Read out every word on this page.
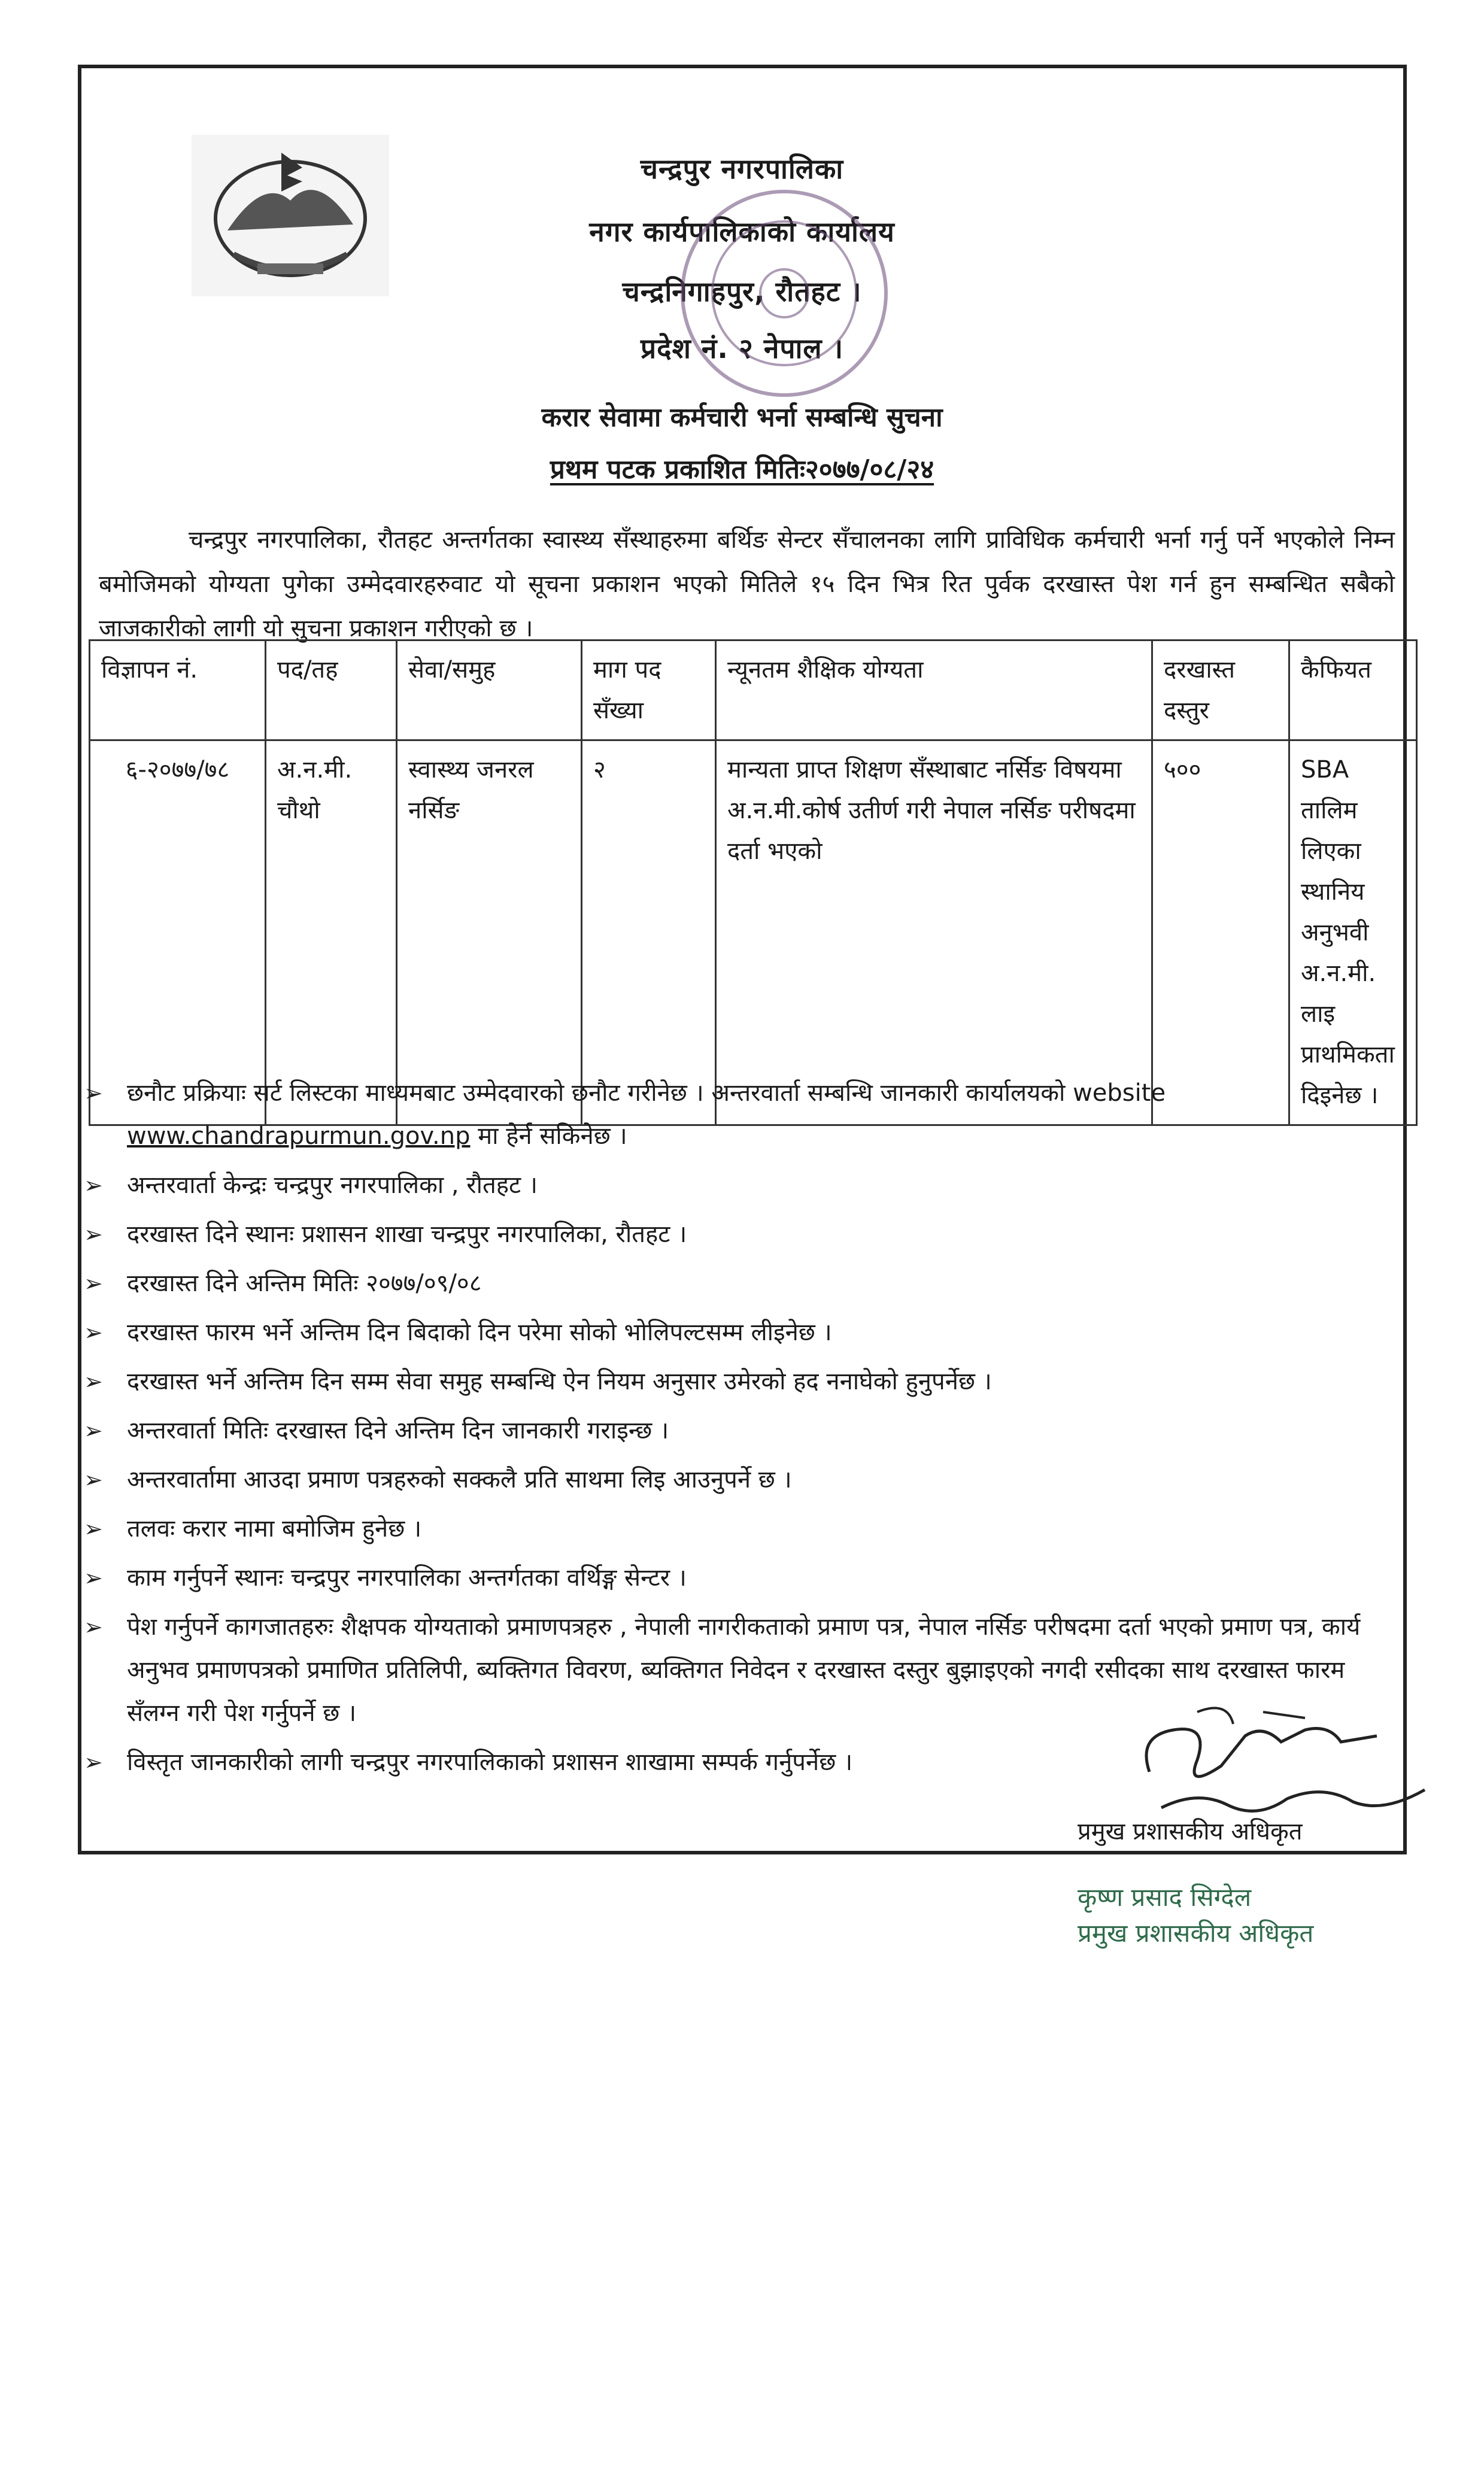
चन्द्रपुर नगरपालिका
नगर कार्यपालिकाको कार्यालय
चन्द्रनिगाहपुर, रौतहट ।
प्रदेश नं. २ नेपाल ।
करार सेवामा कर्मचारी भर्ना सम्बन्धि सुचना
प्रथम पटक प्रकाशित मितिः२०७७/०८/२४

चन्द्रपुर नगरपालिका, रौतहट अन्तर्गतका स्वास्थ्य सँस्थाहरुमा बर्थिङ सेन्टर सँचालनका लागि प्राविधिक कर्मचारी भर्ना गर्नु पर्ने भएकोले निम्न बमोजिमको योग्यता पुगेका उम्मेदवारहरुवाट यो सूचना प्रकाशन भएको मितिले १५ दिन भित्र रित पुर्वक दरखास्त पेश गर्न हुन सम्बन्धित सबैको जाजकारीको लागी यो सुचना प्रकाशन गरीएको छ ।

विज्ञापन नं.	पद/तह	सेवा/समुह	माग पद सँख्या	न्यूनतम शैक्षिक योग्यता	दरखास्त दस्तुर	कैफियत
६-२०७७/७८	अ.न.मी. चौथो	स्वास्थ्य जनरल नर्सिङ	२	मान्यता प्राप्त शिक्षण सँस्थाबाट नर्सिङ विषयमा अ.न.मी.कोर्ष उतीर्ण गरी नेपाल नर्सिङ परीषदमा दर्ता भएको	५००	SBA तालिम लिएका स्थानिय अनुभवी अ.न.मी. लाइ प्राथमिकता दिइनेछ ।
➢ छनौट प्रक्रियाः सर्ट लिस्टका माध्यमबाट उम्मेदवारको छनौट गरीनेछ । अन्तरवार्ता सम्बन्धि जानकारी कार्यालयको website www.chandrapurmun.gov.np मा हेर्न सकिनेछ ।
➢ अन्तरवार्ता केन्द्रः चन्द्रपुर नगरपालिका , रौतहट ।
➢ दरखास्त दिने स्थानः प्रशासन शाखा चन्द्रपुर नगरपालिका, रौतहट ।
➢ दरखास्त दिने अन्तिम मितिः २०७७/०९/०८
➢ दरखास्त फारम भर्ने अन्तिम दिन बिदाको दिन परेमा सोको भोलिपल्टसम्म लीइनेछ ।
➢ दरखास्त भर्ने अन्तिम दिन सम्म सेवा समुह सम्बन्धि ऐन नियम अनुसार उमेरको हद ननाघेको हुनुपर्नेछ ।
➢ अन्तरवार्ता मितिः दरखास्त दिने अन्तिम दिन जानकारी गराइन्छ ।
➢ अन्तरवार्तामा आउदा प्रमाण पत्रहरुको सक्कलै प्रति साथमा लिइ आउनुपर्ने छ ।
➢ तलवः करार नामा बमोजिम हुनेछ ।
➢ काम गर्नुपर्ने स्थानः चन्द्रपुर नगरपालिका अन्तर्गतका वर्थिङ्ग सेन्टर ।
➢ पेश गर्नुपर्ने कागजातहरुः शैक्षपक योग्यताको प्रमाणपत्रहरु , नेपाली नागरीकताको प्रमाण पत्र, नेपाल नर्सिङ परीषदमा दर्ता भएको प्रमाण पत्र, कार्य अनुभव प्रमाणपत्रको प्रमाणित प्रतिलिपी, ब्यक्तिगत विवरण, ब्यक्तिगत निवेदन र दरखास्त दस्तुर बुझाइएको नगदी रसीदका साथ दरखास्त फारम सँलग्न गरी पेश गर्नुपर्ने छ ।
➢ विस्तृत जानकारीको लागी चन्द्रपुर नगरपालिकाको प्रशासन शाखामा सम्पर्क गर्नुपर्नेछ ।
प्रमुख प्रशासकीय अधिकृत
कृष्ण प्रसाद सिग्देल
प्रमुख प्रशासकीय अधिकृत
